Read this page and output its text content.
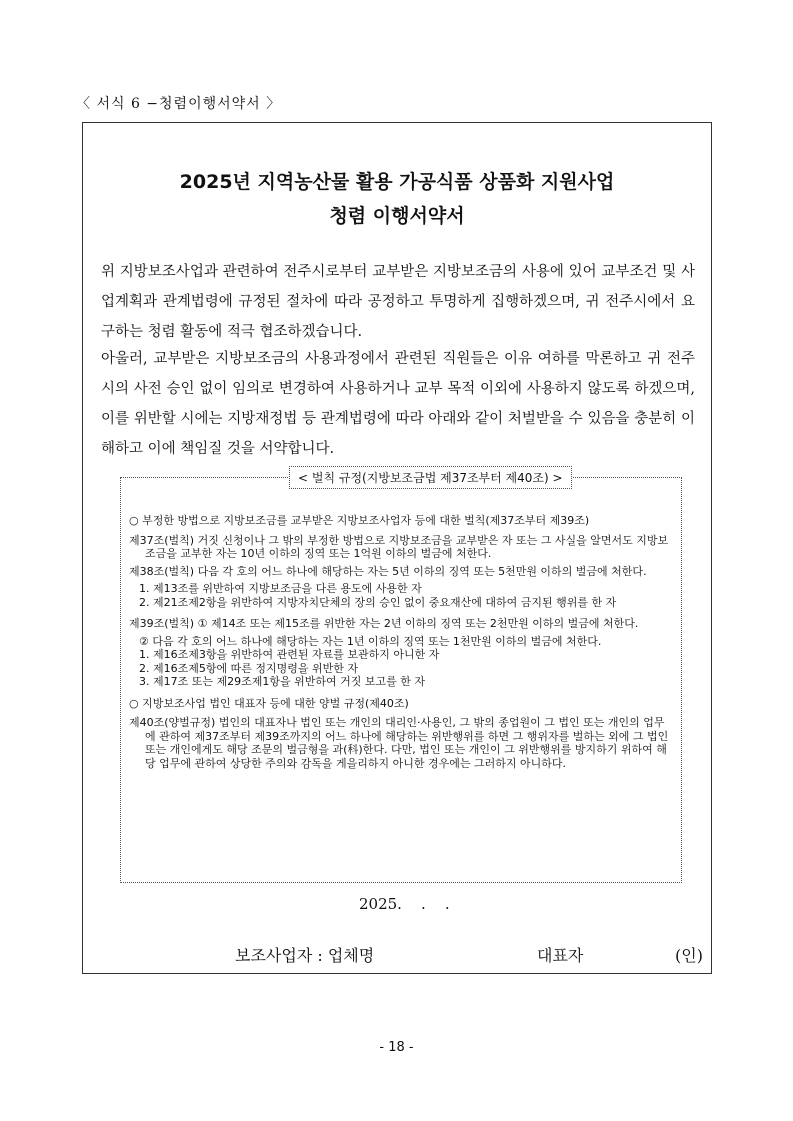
〈 서식 6 −청렴이행서약서 〉
2025년 지역농산물 활용 가공식품 상품화 지원사업
청렴 이행서약서

위 지방보조사업과 관련하여 전주시로부터 교부받은 지방보조금의 사용에 있어 교부조건 및 사업계획과 관계법령에 규정된 절차에 따라 공정하고 투명하게 집행하겠으며, 귀 전주시에서 요구하는 청렴 활동에 적극 협조하겠습니다.

아울러, 교부받은 지방보조금의 사용과정에서 관련된 직원들은 이유 여하를 막론하고 귀 전주시의 사전 승인 없이 임의로 변경하여 사용하거나 교부 목적 이외에 사용하지 않도록 하겠으며, 이를 위반할 시에는 지방재정법 등 관계법령에 따라 아래와 같이 처벌받을 수 있음을 충분히 이해하고 이에 책임질 것을 서약합니다.

< 벌칙 규정(지방보조금법 제37조부터 제40조) >

○ 부정한 방법으로 지방보조금를 교부받은 지방보조사업자 등에 대한 벌칙(제37조부터 제39조)

제37조(벌칙) 거짓 신청이나 그 밖의 부정한 방법으로 지방보조금을 교부받은 자 또는 그 사실을 알면서도 지방보조금을 교부한 자는 10년 이하의 징역 또는 1억원 이하의 벌금에 처한다.

제38조(벌칙) 다음 각 호의 어느 하나에 해당하는 자는 5년 이하의 징역 또는 5천만원 이하의 벌금에 처한다.

1. 제13조를 위반하여 지방보조금을 다른 용도에 사용한 자

2. 제21조제2항을 위반하여 지방자치단체의 장의 승인 없이 중요재산에 대하여 금지된 행위를 한 자

제39조(벌칙) ① 제14조 또는 제15조를 위반한 자는 2년 이하의 징역 또는 2천만원 이하의 벌금에 처한다.

② 다음 각 호의 어느 하나에 해당하는 자는 1년 이하의 징역 또는 1천만원 이하의 벌금에 처한다.

1. 제16조제3항을 위반하여 관련된 자료를 보관하지 아니한 자

2. 제16조제5항에 따른 정지명령을 위반한 자

3. 제17조 또는 제29조제1항을 위반하여 거짓 보고를 한 자

○ 지방보조사업 법인 대표자 등에 대한 양벌 규정(제40조)

제40조(양벌규정) 법인의 대표자나 법인 또는 개인의 대리인·사용인, 그 밖의 종업원이 그 법인 또는 개인의 업무에 관하여 제37조부터 제39조까지의 어느 하나에 해당하는 위반행위를 하면 그 행위자를 벌하는 외에 그 법인 또는 개인에게도 해당 조문의 벌금형을 과(科)한다. 다만, 법인 또는 개인이 그 위반행위를 방지하기 위하여 해당 업무에 관하여 상당한 주의와 감독을 게을리하지 아니한 경우에는 그러하지 아니하다.

2025.    .    .
보조사업자 : 업체명	대표자	(인)
- 18 -
